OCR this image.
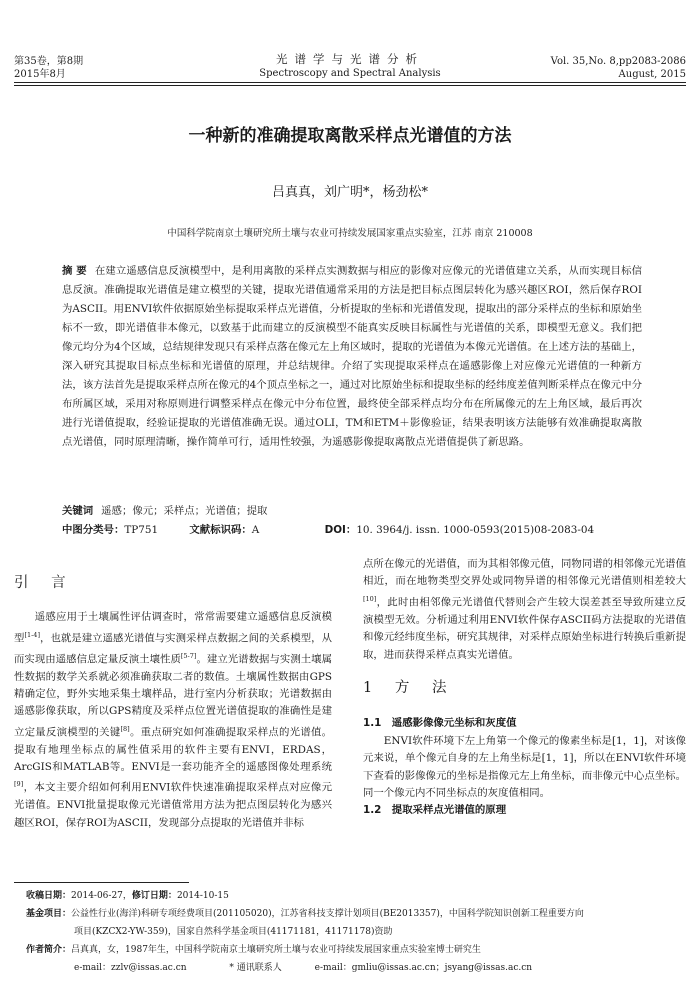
第35卷，第8期
2015年8月
光谱学与光谱分析
Spectroscopy and Spectral Analysis
Vol. 35,No. 8,pp2083-2086
August, 2015
一种新的准确提取离散采样点光谱值的方法
吕真真，刘广明*，杨劲松*
中国科学院南京土壤研究所土壤与农业可持续发展国家重点实验室，江苏 南京 210008
摘 要 在建立遥感信息反演模型中，是利用离散的采样点实测数据与相应的影像对应像元的光谱值建立关系，从而实现目标信息反演。准确提取光谱值是建立模型的关键，提取光谱值通常采用的方法是把目标点图层转化为感兴趣区ROI，然后保存ROI为ASCII。用ENVI软件依据原始坐标提取采样点光谱值，分析提取的坐标和光谱值发现，提取出的部分采样点的坐标和原始坐标不一致，即光谱值非本像元，以致基于此而建立的反演模型不能真实反映目标属性与光谱值的关系，即模型无意义。我们把像元均分为4个区域，总结规律发现只有采样点落在像元左上角区域时，提取的光谱值为本像元光谱值。在上述方法的基础上，深入研究其提取目标点坐标和光谱值的原理，并总结规律。介绍了实现提取采样点在遥感影像上对应像元光谱值的一种新方法，该方法首先是提取采样点所在像元的4个顶点坐标之一，通过对比原始坐标和提取坐标的经纬度差值判断采样点在像元中分布所属区域，采用对称原则进行调整采样点在像元中分布位置，最终使全部采样点均分布在所属像元的左上角区域，最后再次进行光谱值提取，经验证提取的光谱值准确无误。通过OLI，TM和ETM＋影像验证，结果表明该方法能够有效准确提取离散点光谱值，同时原理清晰，操作简单可行，适用性较强，为遥感影像提取离散点光谱值提供了新思路。
关键词 遥感；像元；采样点；光谱值；提取
中图分类号：TP751	文献标识码：A	DOI：10. 3964/j. issn. 1000-0593(2015)08-2083-04
引 言

遥感应用于土壤属性评估调查时，常常需要建立遥感信息反演模型[1-4]，也就是建立遥感光谱值与实测采样点数据之间的关系模型，从而实现由遥感信息定量反演土壤性质[5-7]。建立光谱数据与实测土壤属性数据的数学关系就必须准确获取二者的数值。土壤属性数据由GPS精确定位，野外实地采集土壤样品，进行室内分析获取；光谱数据由遥感影像获取，所以GPS精度及采样点位置光谱值提取的准确性是建立定量反演模型的关键[8]。重点研究如何准确提取采样点的光谱值。提取有地理坐标点的属性值采用的软件主要有ENVI，ERDAS，ArcGIS和MATLAB等。ENVI是一套功能齐全的遥感图像处理系统[9]，本文主要介绍如何利用ENVI软件快速准确提取采样点对应像元光谱值。ENVI批量提取像元光谱值常用方法为把点图层转化为感兴趣区ROI，保存ROI为ASCII，发现部分点提取的光谱值并非标

点所在像元的光谱值，而为其相邻像元值，同物同谱的相邻像元光谱值相近，而在地物类型交界处或同物异谱的相邻像元光谱值则相差较大[10]，此时由相邻像元光谱值代替则会产生较大误差甚至导致所建立反演模型无效。分析通过利用ENVI软件保存ASCII码方法提取的光谱值和像元经纬度坐标，研究其规律，对采样点原始坐标进行转换后重新提取，进而获得采样点真实光谱值。

1 方 法
1.1　遥感影像像元坐标和灰度值

ENVI软件环境下左上角第一个像元的像素坐标是[1，1]，对该像元来说，单个像元自身的左上角坐标是[1，1]，所以在ENVI软件环境下查看的影像像元的坐标是指像元左上角坐标，而非像元中心点坐标。同一个像元内不同坐标点的灰度值相同。

1.2　提取采样点光谱值的原理
收稿日期：2014-06-27，修订日期：2014-10-15
基金项目：公益性行业(海洋)科研专项经费项目(201105020)，江苏省科技支撑计划项目(BE2013357)，中国科学院知识创新工程重要方向
项目(KZCX2-YW-359)，国家自然科学基金项目(41171181，41171178)资助
作者简介：吕真真，女，1987年生，中国科学院南京土壤研究所土壤与农业可持续发展国家重点实验室博士研究生
e-mail：zzlv@issas.ac.cn	* 通讯联系人	e-mail：gmliu@issas.ac.cn；jsyang@issas.ac.cn
